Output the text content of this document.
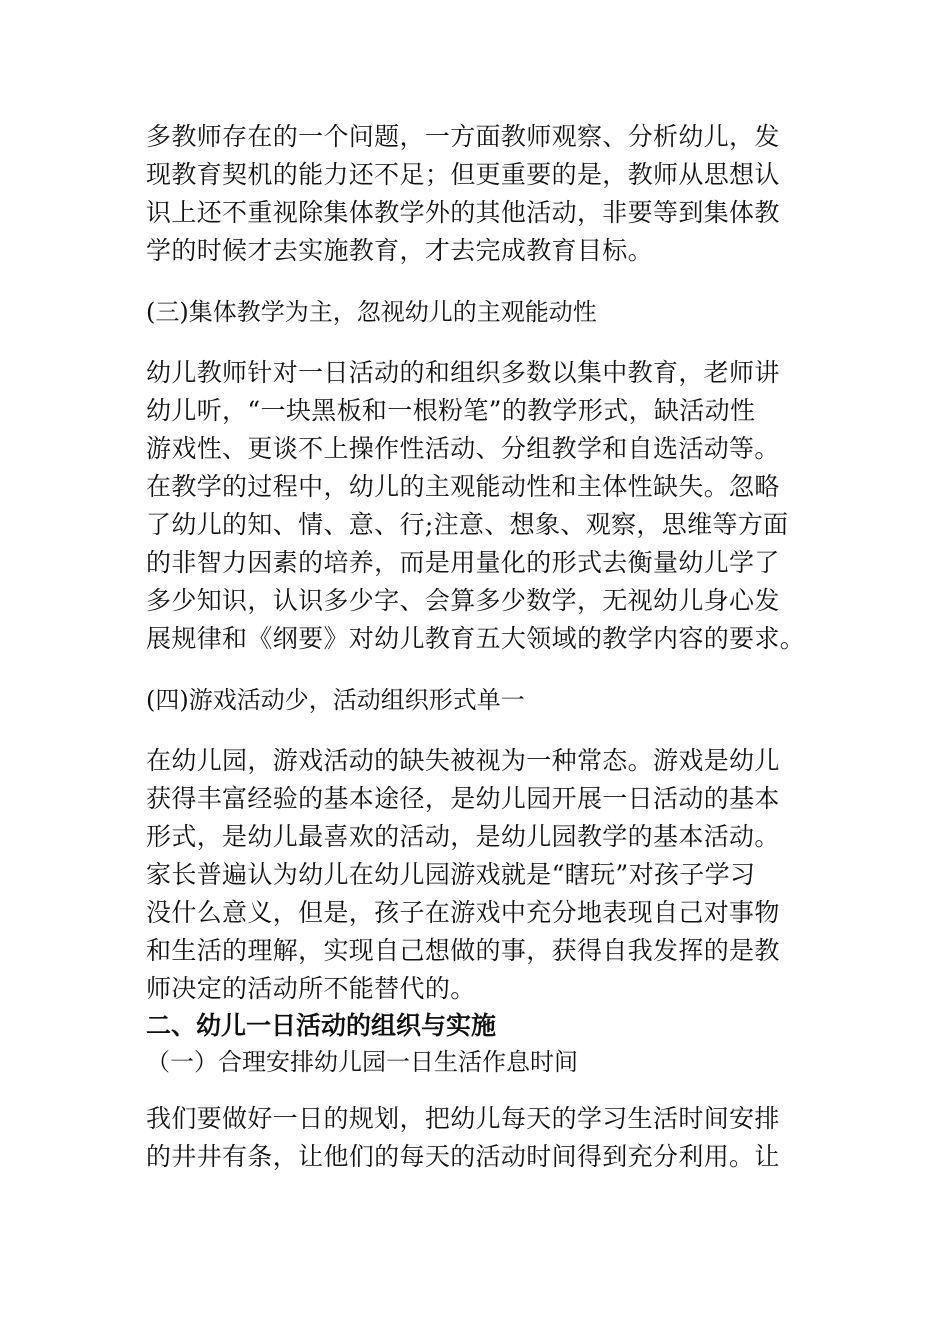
多教师存在的一个问题，一方面教师观察、分析幼儿，发
现教育契机的能力还不足；但更重要的是，教师从思想认
识上还不重视除集体教学外的其他活动，非要等到集体教
学的时候才去实施教育，才去完成教育目标。
(三)集体教学为主，忽视幼儿的主观能动性
幼儿教师针对一日活动的和组织多数以集中教育，老师讲
幼儿听，“一块黑板和一根粉笔”的教学形式，缺活动性
游戏性、更谈不上操作性活动、分组教学和自选活动等。
在教学的过程中，幼儿的主观能动性和主体性缺失。忽略
了幼儿的知、情、意、行;注意、想象、观察，思维等方面
的非智力因素的培养，而是用量化的形式去衡量幼儿学了
多少知识，认识多少字、会算多少数学，无视幼儿身心发
展规律和《纲要》对幼儿教育五大领域的教学内容的要求。
(四)游戏活动少，活动组织形式单一
在幼儿园，游戏活动的缺失被视为一种常态。游戏是幼儿
获得丰富经验的基本途径，是幼儿园开展一日活动的基本
形式，是幼儿最喜欢的活动，是幼儿园教学的基本活动。
家长普遍认为幼儿在幼儿园游戏就是“瞎玩”对孩子学习
没什么意义，但是，孩子在游戏中充分地表现自己对事物
和生活的理解，实现自己想做的事，获得自我发挥的是教
师决定的活动所不能替代的。
二、幼儿一日活动的组织与实施
（一）合理安排幼儿园一日生活作息时间
我们要做好一日的规划，把幼儿每天的学习生活时间安排
的井井有条，让他们的每天的活动时间得到充分利用。让
